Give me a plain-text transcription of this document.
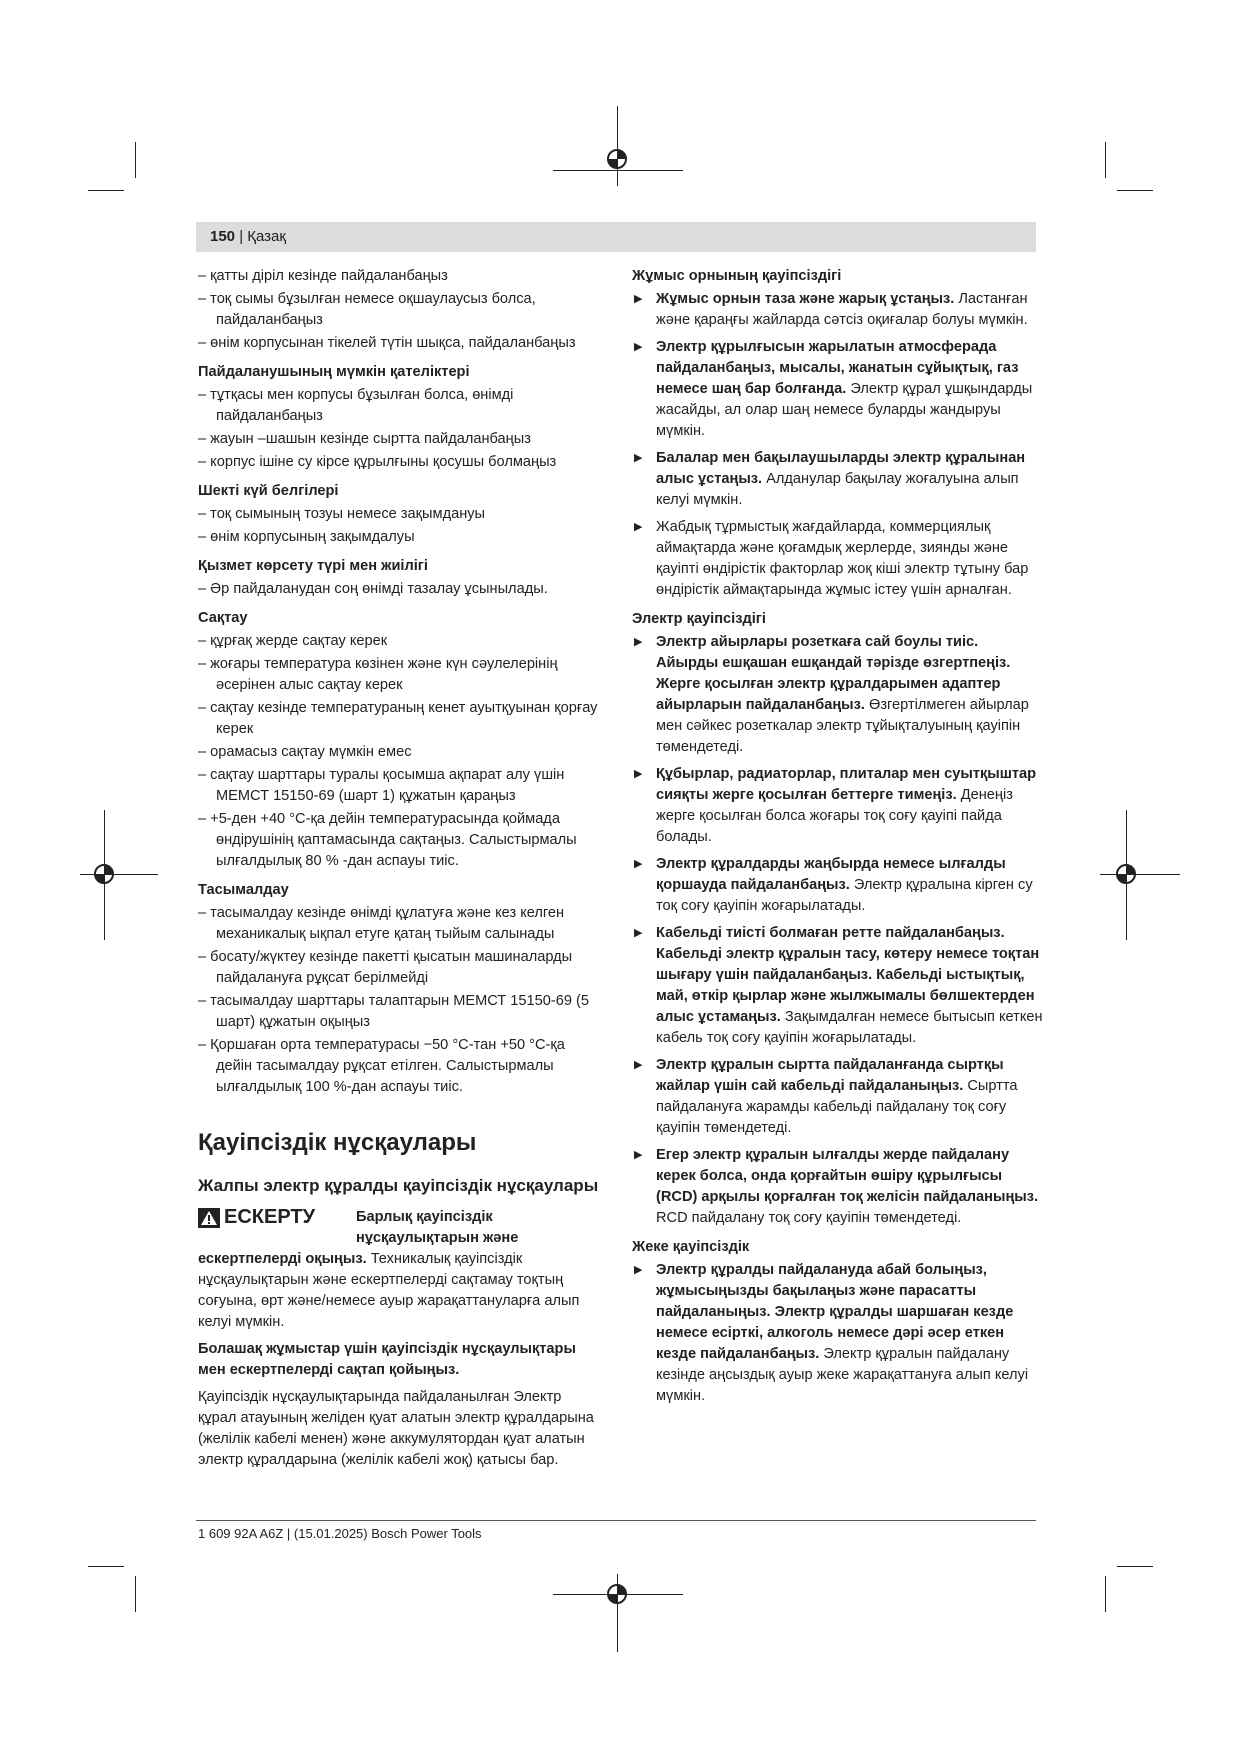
150 | Қазақ
– қатты діріл кезінде пайдаланбаңыз
– тоқ сымы бұзылған немесе оқшаулаусыз болса, пайдаланбаңыз
– өнім корпусынан тікелей түтін шықса, пайдаланбаңыз
Пайдаланушының мүмкін қателіктері
– тұтқасы мен корпусы бұзылған болса, өнімді пайдаланбаңыз
– жауын –шашын кезінде сыртта пайдаланбаңыз
– корпус ішіне су кірсе құрылғыны қосушы болмаңыз
Шекті күй белгілері
– тоқ сымының тозуы немесе зақымдануы
– өнім корпусының зақымдалуы
Қызмет көрсету түрі мен жиілігі
– Әр пайдаланудан соң өнімді тазалау ұсынылады.
Сақтау
– құрғақ жерде сақтау керек
– жоғары температура көзінен және күн сәулелерінің әсерінен алыс сақтау керек
– сақтау кезінде температураның кенет ауытқуынан қорғау керек
– орамасыз сақтау мүмкін емес
– сақтау шарттары туралы қосымша ақпарат алу үшін МЕМСТ 15150-69 (шарт 1) құжатын қараңыз
– +5-ден +40 °C-қа дейін температурасында қоймада өндірушінің қаптамасында сақтаңыз. Салыстырмалы ылғалдылық 80 % -дан аспауы тиіс.
Тасымалдау
– тасымалдау кезінде өнімді құлатуға және кез келген механикалық ықпал етуге қатаң тыйым салынады
– босату/жүктеу кезінде пакетті қысатын машиналарды пайдалануға рұқсат берілмейді
– тасымалдау шарттары талаптарын МЕМСТ 15150-69 (5 шарт) құжатын оқыңыз
– Қоршаған орта температурасы −50 °C-тан +50 °C-қа дейін тасымалдау рұқсат етілген. Салыстырмалы ылғалдылық 100 %-дан аспауы тиіс.
Қауіпсіздік нұсқаулары
Жалпы электр құралды қауіпсіздік нұсқаулары
ЕСКЕРТУ	Барлық қауіпсіздік нұсқаулықтарын және
ескертпелерді оқыңыз. Техникалық қауіпсіздік нұсқаулықтарын және ескертпелерді сақтамау тоқтың соғуына, өрт және/немесе ауыр жарақаттануларға алып келуі мүмкін.
Болашақ жұмыстар үшін қауіпсіздік нұсқаулықтары мен ескертпелерді сақтап қойыңыз.
Қауіпсіздік нұсқаулықтарында пайдаланылған Электр құрал атауының желіден қуат алатын электр құралдарына (желілік кабелі менен) және аккумулятордан қуат алатын электр құралдарына (желілік кабелі жоқ) қатысы бар.
Жұмыс орнының қауіпсіздігі
▶ Жұмыс орнын таза және жарық ұстаңыз. Ластанған және қараңғы жайларда сәтсіз оқиғалар болуы мүмкін.
▶ Электр құрылғысын жарылатын атмосферада пайдаланбаңыз, мысалы, жанатын сұйықтық, газ немесе шаң бар болғанда. Электр құрал ұшқындарды жасайды, ал олар шаң немесе буларды жандыруы мүмкін.
▶ Балалар мен бақылаушыларды электр құралынан алыс ұстаңыз. Алданулар бақылау жоғалуына алып келуі мүмкін.
▶ Жабдық тұрмыстық жағдайларда, коммерциялық аймақтарда және қоғамдық жерлерде, зиянды және қауіпті өндірістік факторлар жоқ кіші электр тұтыну бар өндірістік аймақтарында жұмыс істеу үшін арналған.
Электр қауіпсіздігі
▶ Электр айырлары розеткаға сай боулы тиіс. Айырды ешқашан ешқандай тәрізде өзгертпеңіз. Жерге қосылған электр құралдарымен адаптер айырларын пайдаланбаңыз. Өзгертілмеген айырлар мен сәйкес розеткалар электр тұйықталуының қауіпін төмендетеді.
▶ Құбырлар, радиаторлар, плиталар мен суытқыштар сияқты жерге қосылған беттерге тимеңіз. Денеңіз жерге қосылған болса жоғары тоқ соғу қауіпі пайда болады.
▶ Электр құралдарды жаңбырда немесе ылғалды қоршауда пайдаланбаңыз. Электр құралына кірген су тоқ соғу қауіпін жоғарылатады.
▶ Кабельді тиісті болмаған ретте пайдаланбаңыз. Кабельді электр құралын тасу, көтеру немесе тоқтан шығару үшін пайдаланбаңыз. Кабельді ыстықтық, май, өткір қырлар және жылжымалы бөлшектерден алыс ұстамаңыз. Зақымдалған немесе бытысып кеткен кабель тоқ соғу қауіпін жоғарылатады.
▶ Электр құралын сыртта пайдаланғанда сыртқы жайлар үшін сай кабельді пайдаланыңыз. Сыртта пайдалануға жарамды кабельді пайдалану тоқ соғу қауіпін төмендетеді.
▶ Егер электр құралын ылғалды жерде пайдалану керек болса, онда қорғайтын өшіру құрылғысы (RCD) арқылы қорғалған тоқ желісін пайдаланыңыз. RCD пайдалану тоқ соғу қауіпін төмендетеді.
Жеке қауіпсіздік
▶ Электр құралды пайдалануда абай болыңыз, жұмысыңызды бақылаңыз және парасатты пайдаланыңыз. Электр құралды шаршаған кезде немесе есірткі, алкоголь немесе дәрі әсер еткен кезде пайдаланбаңыз. Электр құралын пайдалану кезінде аңсыздық ауыр жеке жарақаттануға алып келуі мүмкін.
1 609 92A A6Z | (15.01.2025) Bosch Power Tools
